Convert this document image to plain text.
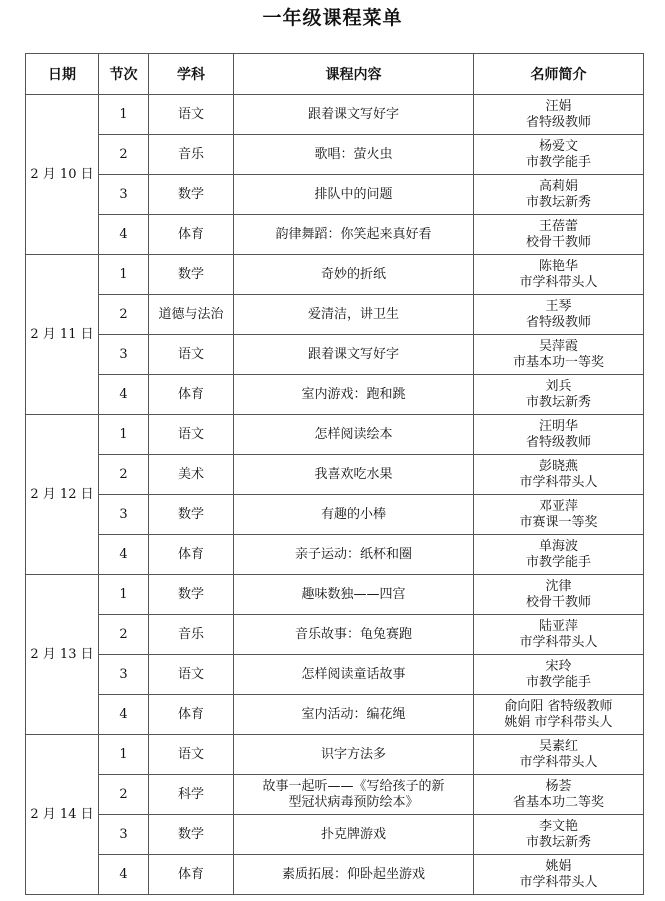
一年级课程菜单
日期	节次	学科	课程内容	名师简介
2 月 10 日	1	语文	跟着课文写好字	汪娟
省特级教师

	2	音乐	歌唱：萤火虫	杨爱文
市教学能手

	3	数学	排队中的问题	高莉娟
市教坛新秀

	4	体育	韵律舞蹈：你笑起来真好看	王蓓蕾
校骨干教师

2 月 11 日	1	数学	奇妙的折纸	陈艳华
市学科带头人

	2	道德与法治	爱清洁，讲卫生	王琴
省特级教师

	3	语文	跟着课文写好字	吴萍霞
市基本功一等奖

	4	体育	室内游戏：跑和跳	刘兵
市教坛新秀

2 月 12 日	1	语文	怎样阅读绘本	汪明华
省特级教师

	2	美术	我喜欢吃水果	彭晓燕
市学科带头人

	3	数学	有趣的小棒	邓亚萍
市赛课一等奖

	4	体育	亲子运动：纸杯和圈	单海波
市教学能手

2 月 13 日	1	数学	趣味数独——四宫	沈律
校骨干教师

	2	音乐	音乐故事：龟兔赛跑	陆亚萍
市学科带头人

	3	语文	怎样阅读童话故事	宋玲
市教学能手

	4	体育	室内活动：编花绳	俞向阳 省特级教师
姚娟 市学科带头人

2 月 14 日	1	语文	识字方法多	吴素红
市学科带头人

	2	科学	故事一起听——《写给孩子的新
型冠状病毒预防绘本》	杨荟
省基本功二等奖

	3	数学	扑克牌游戏	李文艳
市教坛新秀

	4	体育	素质拓展：仰卧起坐游戏	姚娟
市学科带头人
